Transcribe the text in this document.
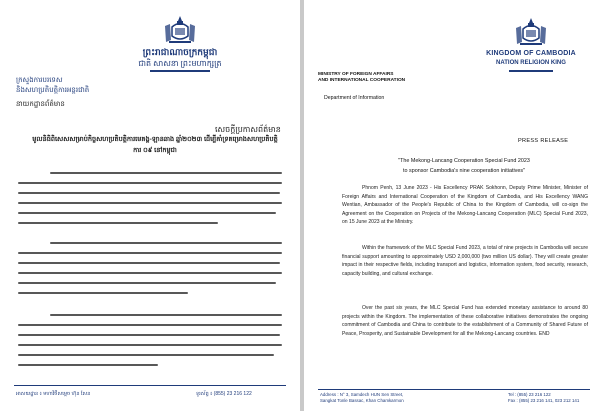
ព្រះរាជាណាចក្រកម្ពុជា
ជាតិ សាសនា ព្រះមហាក្សត្រ
ក្រសួងការបរទេស
និងសហប្រតិបត្តិការអន្តរជាតិ
នាយកដ្ឋានព័ត៌មាន
សេចក្តីប្រកាសព័ត៌មាន
មូលនិធិពិសេសសម្រាប់កិច្ចសហប្រតិបត្តិការមេគង្គ-ឡានឆាង ឆ្នាំ២០២៣ ដើម្បីគាំទ្រគម្រោងសហប្រតិបត្តិការ ០៩ នៅកម្ពុជា
អាសយដ្ឋាន ៖ មហាវិថីសម្តេច ហ៊ុន សែន	ទូរស័ព្ទ ៖ (855) 23 216 122
KINGDOM OF CAMBODIA
NATION RELIGION KING
MINISTRY OF FOREIGN AFFAIRS
AND INTERNATIONAL COOPERATION
Department of Information
PRESS RELEASE
"The Mekong-Lancang Cooperation Special Fund 2023
to sponsor Cambodia's nine cooperation initiatives"
Phnom Penh, 13 June 2023 - His Excellency PRAK Sokhonn, Deputy Prime Minister, Minister of Foreign Affairs and International Cooperation of the Kingdom of Cambodia, and His Excellency WANG Wentian, Ambassador of the People's Republic of China to the Kingdom of Cambodia, will co-sign the Agreement on the Cooperation on Projects of the Mekong-Lancang Cooperation (MLC) Special Fund 2023, on 15 June 2023 at the Ministry.
Within the framework of the MLC Special Fund 2023, a total of nine projects in Cambodia will secure financial support amounting to approximately USD 2,000,000 (two million US dollar). They will create greater impact in their respective fields, including transport and logistics, information system, food security, research, capacity building, and cultural exchange.
Over the past six years, the MLC Special Fund has extended monetary assistance to around 80 projects within the Kingdom. The implementation of these collaborative initiatives demonstrates the ongoing commitment of Cambodia and China to contribute to the establishment of a Community of Shared Future of Peace, Prosperity, and Sustainable Development for all the Mekong-Lancang countries. END
Address : N° 3, Samdech HUN Sen Street,
Sangkat Tonle Bassac, Khan Chamkarmon
Tel : (855) 23 216 122
Fax : (855) 23 216 141, 023 212 141
